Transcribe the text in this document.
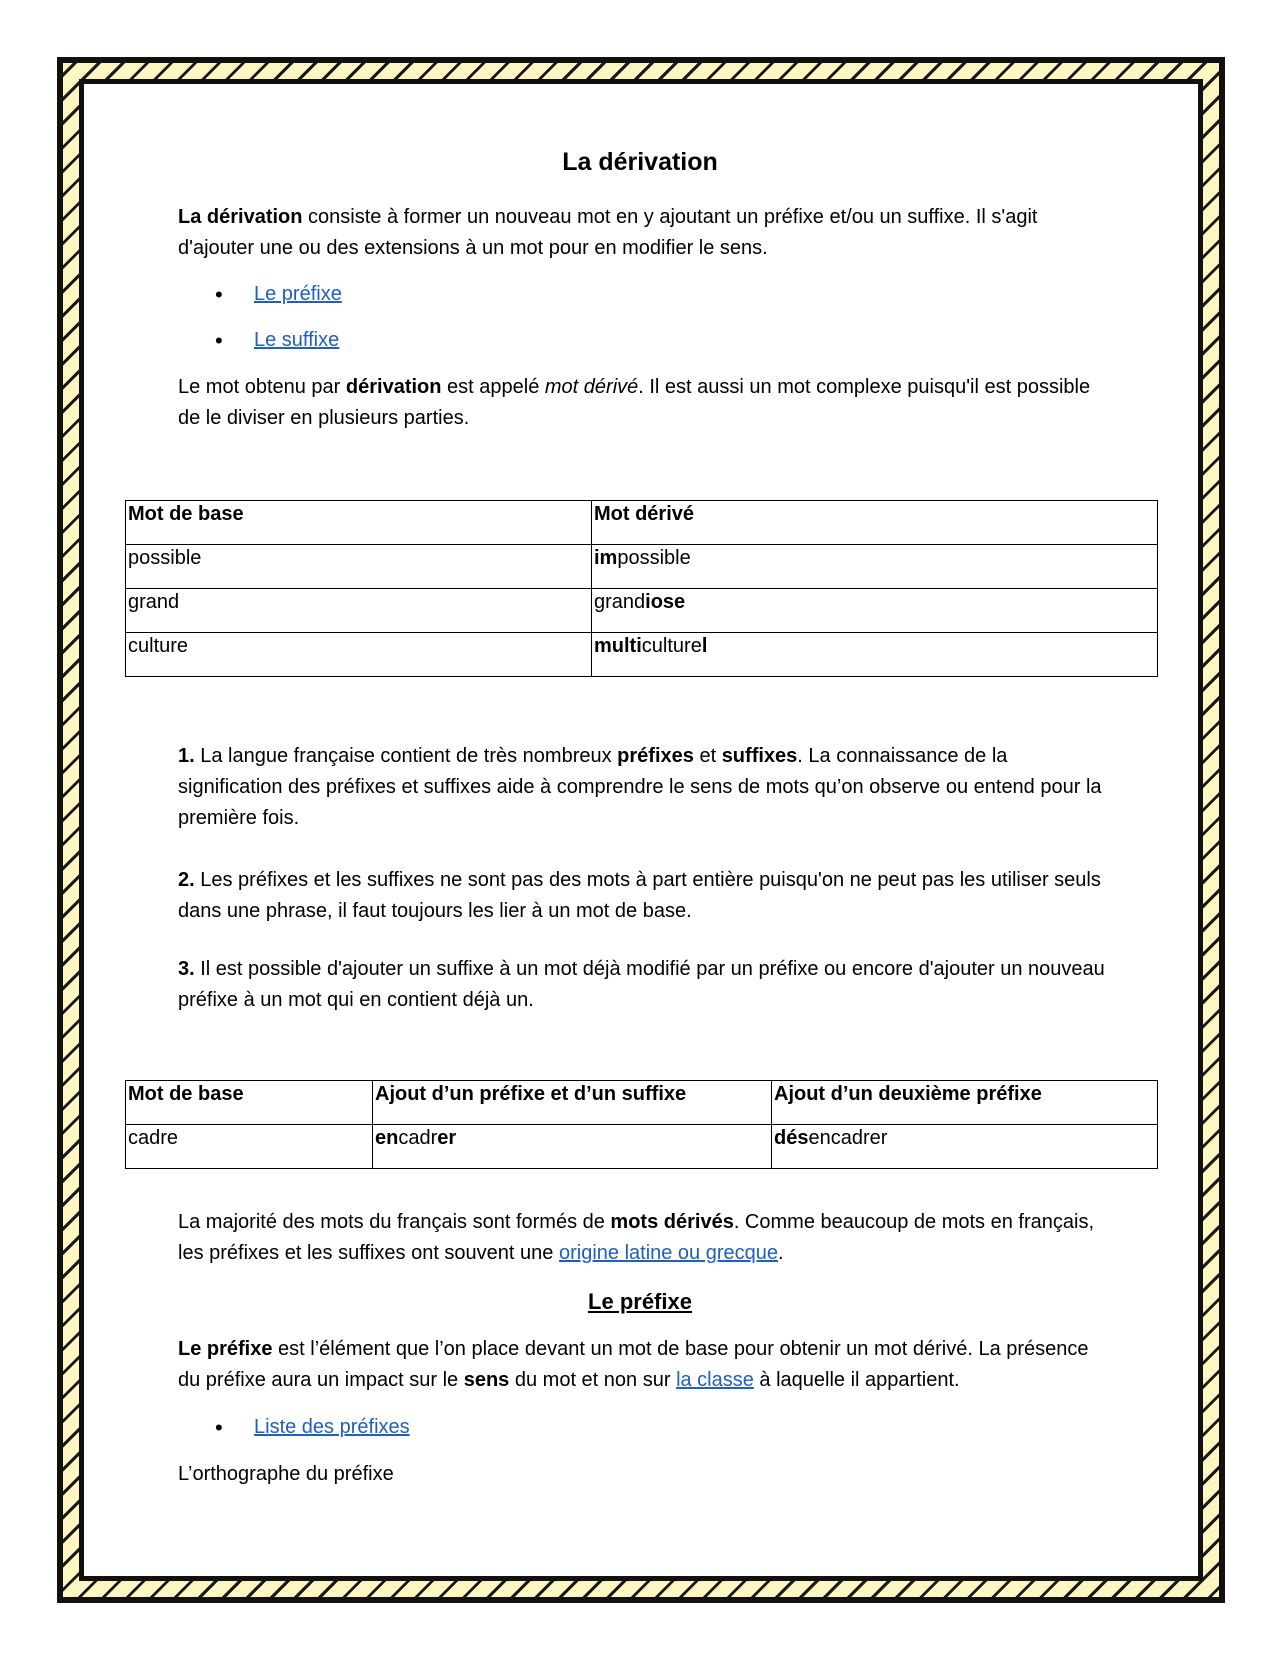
La dérivation

La dérivation consiste à former un nouveau mot en y ajoutant un préfixe et/ou un suffixe. Il s'agit d'ajouter une ou des extensions à un mot pour en modifier le sens.

• Le préfixe
• Le suffixe

Le mot obtenu par dérivation est appelé mot dérivé. Il est aussi un mot complexe puisqu'il est possible de le diviser en plusieurs parties.

Mot de base	Mot dérivé
possible	impossible
grand	grandiose
culture	multiculturel

1. La langue française contient de très nombreux préfixes et suffixes. La connaissance de la signification des préfixes et suffixes aide à comprendre le sens de mots qu’on observe ou entend pour la première fois.

2. Les préfixes et les suffixes ne sont pas des mots à part entière puisqu'on ne peut pas les utiliser seuls dans une phrase, il faut toujours les lier à un mot de base.

3. Il est possible d'ajouter un suffixe à un mot déjà modifié par un préfixe ou encore d'ajouter un nouveau préfixe à un mot qui en contient déjà un.

Mot de base	Ajout d’un préfixe et d’un suffixe	Ajout d’un deuxième préfixe
cadre	encadrer	désencadrer

La majorité des mots du français sont formés de mots dérivés. Comme beaucoup de mots en français, les préfixes et les suffixes ont souvent une origine latine ou grecque.

Le préfixe

Le préfixe est l’élément que l’on place devant un mot de base pour obtenir un mot dérivé. La présence du préfixe aura un impact sur le sens du mot et non sur la classe à laquelle il appartient.

• Liste des préfixes

L’orthographe du préfixe
